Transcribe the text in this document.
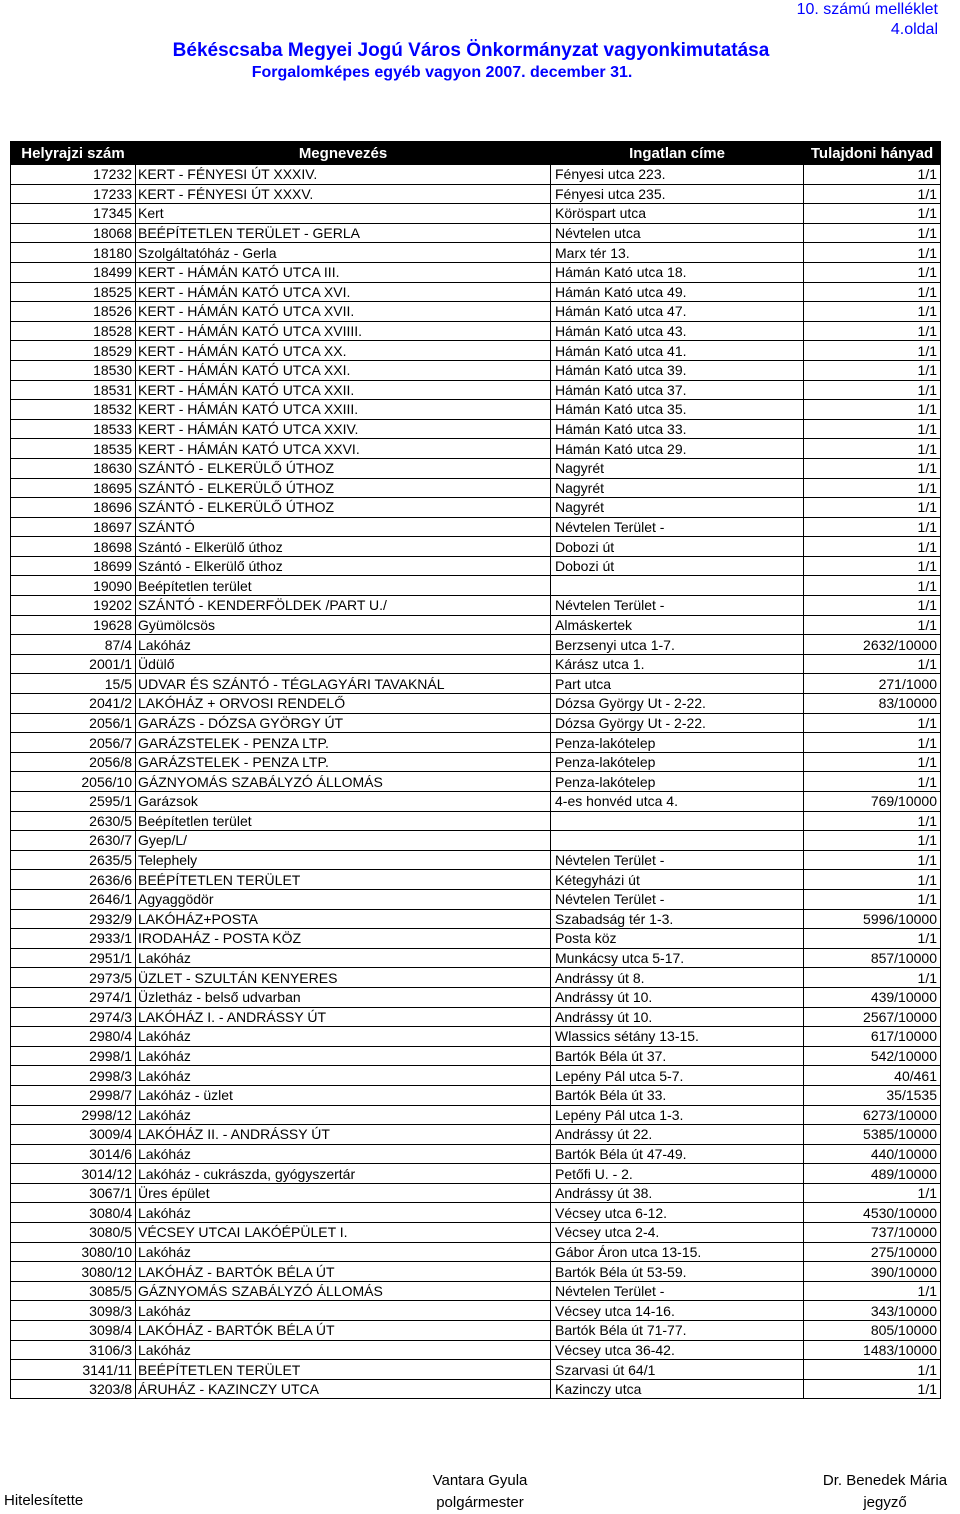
10. számú melléklet
4.oldal
Békéscsaba Megyei Jogú Város Önkormányzat vagyonkimutatása
Forgalomképes egyéb vagyon 2007. december 31.
Helyrajzi szám	Megnevezés	Ingatlan címe	Tulajdoni hányad
17232	KERT - FÉNYESI ÚT XXXIV.	Fényesi utca 223.	1/1
17233	KERT - FÉNYESI ÚT XXXV.	Fényesi utca 235.	1/1
17345	Kert	Köröspart utca	1/1
18068	BEÉPÍTETLEN TERÜLET - GERLA	Névtelen utca	1/1
18180	Szolgáltatóház - Gerla	Marx tér 13.	1/1
18499	KERT - HÁMÁN KATÓ UTCA III.	Hámán Kató utca 18.	1/1
18525	KERT - HÁMÁN KATÓ UTCA XVI.	Hámán Kató utca 49.	1/1
18526	KERT - HÁMÁN KATÓ UTCA XVII.	Hámán Kató utca 47.	1/1
18528	KERT - HÁMÁN KATÓ UTCA XVIIII.	Hámán Kató utca 43.	1/1
18529	KERT - HÁMÁN KATÓ UTCA XX.	Hámán Kató utca 41.	1/1
18530	KERT - HÁMÁN KATÓ UTCA XXI.	Hámán Kató utca 39.	1/1
18531	KERT - HÁMÁN KATÓ UTCA XXII.	Hámán Kató utca 37.	1/1
18532	KERT - HÁMÁN KATÓ UTCA XXIII.	Hámán Kató utca 35.	1/1
18533	KERT - HÁMÁN KATÓ UTCA XXIV.	Hámán Kató utca 33.	1/1
18535	KERT - HÁMÁN KATÓ UTCA XXVI.	Hámán Kató utca 29.	1/1
18630	SZÁNTÓ - ELKERÜLŐ ÚTHOZ	Nagyrét	1/1
18695	SZÁNTÓ - ELKERÜLŐ ÚTHOZ	Nagyrét	1/1
18696	SZÁNTÓ - ELKERÜLŐ ÚTHOZ	Nagyrét	1/1
18697	SZÁNTÓ	Névtelen Terület -	1/1
18698	Szántó - Elkerülő úthoz	Dobozi út	1/1
18699	Szántó - Elkerülő úthoz	Dobozi út	1/1
19090	Beépítetlen terület		1/1
19202	SZÁNTÓ - KENDERFÖLDEK /PART U./	Névtelen Terület -	1/1
19628	Gyümölcsös	Almáskertek	1/1
87/4	Lakóház	Berzsenyi utca 1-7.	2632/10000
2001/1	Üdülő	Kárász utca 1.	1/1
15/5	UDVAR ÉS SZÁNTÓ - TÉGLAGYÁRI TAVAKNÁL	Part utca	271/1000
2041/2	LAKÓHÁZ + ORVOSI RENDELŐ	Dózsa György Ut - 2-22.	83/10000
2056/1	GARÁZS - DÓZSA GYÖRGY ÚT	Dózsa György Ut - 2-22.	1/1
2056/7	GARÁZSTELEK - PENZA LTP.	Penza-lakótelep	1/1
2056/8	GARÁZSTELEK - PENZA LTP.	Penza-lakótelep	1/1
2056/10	GÁZNYOMÁS SZABÁLYZÓ ÁLLOMÁS	Penza-lakótelep	1/1
2595/1	Garázsok	4-es honvéd utca 4.	769/10000
2630/5	Beépítetlen terület		1/1
2630/7	Gyep/L/		1/1
2635/5	Telephely	Névtelen Terület -	1/1
2636/6	BEÉPÍTETLEN TERÜLET	Kétegyházi út	1/1
2646/1	Agyaggödör	Névtelen Terület -	1/1
2932/9	LAKÓHÁZ+POSTA	Szabadság tér 1-3.	5996/10000
2933/1	IRODAHÁZ - POSTA KÖZ	Posta köz	1/1
2951/1	Lakóház	Munkácsy utca 5-17.	857/10000
2973/5	ÜZLET - SZULTÁN KENYERES	Andrássy út 8.	1/1
2974/1	Üzletház - belső udvarban	Andrássy út 10.	439/10000
2974/3	LAKÓHÁZ I. - ANDRÁSSY ÚT	Andrássy út 10.	2567/10000
2980/4	Lakóház	Wlassics sétány 13-15.	617/10000
2998/1	Lakóház	Bartók Béla út 37.	542/10000
2998/3	Lakóház	Lepény Pál utca 5-7.	40/461
2998/7	Lakóház - üzlet	Bartók Béla út 33.	35/1535
2998/12	Lakóház	Lepény Pál utca 1-3.	6273/10000
3009/4	LAKÓHÁZ II. - ANDRÁSSY ÚT	Andrássy út 22.	5385/10000
3014/6	Lakóház	Bartók Béla út 47-49.	440/10000
3014/12	Lakóház - cukrászda, gyógyszertár	Petőfi U. - 2.	489/10000
3067/1	Üres épület	Andrássy út 38.	1/1
3080/4	Lakóház	Vécsey utca 6-12.	4530/10000
3080/5	VÉCSEY UTCAI LAKÓÉPÜLET I.	Vécsey utca 2-4.	737/10000
3080/10	Lakóház	Gábor Áron utca 13-15.	275/10000
3080/12	LAKÓHÁZ - BARTÓK BÉLA ÚT	Bartók Béla út 53-59.	390/10000
3085/5	GÁZNYOMÁS SZABÁLYZÓ ÁLLOMÁS	Névtelen Terület -	1/1
3098/3	Lakóház	Vécsey utca 14-16.	343/10000
3098/4	LAKÓHÁZ - BARTÓK BÉLA ÚT	Bartók Béla út 71-77.	805/10000
3106/3	Lakóház	Vécsey utca 36-42.	1483/10000
3141/11	BEÉPÍTETLEN TERÜLET	Szarvasi út 64/1	1/1
3203/8	ÁRUHÁZ - KAZINCZY UTCA	Kazinczy utca	1/1
Hitelesítette
Vantara Gyula
polgármester
Dr. Benedek Mária
jegyző
